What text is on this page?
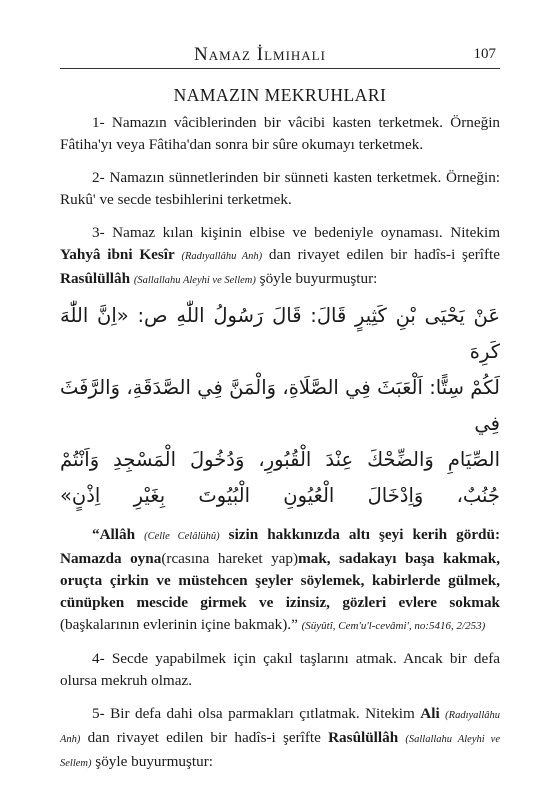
Namaz İlmihali	107
NAMAZIN MEKRUHLARI

1- Namazın vâciblerinden bir vâcibi kasten terketmek. Örneğin Fâtiha'yı veya Fâtiha'dan sonra bir sûre okumayı terketmek.

2- Namazın sünnetlerinden bir sünneti kasten terketmek. Örneğin: Rukû' ve secde tesbihlerini terketmek.

3- Namaz kılan kişinin elbise ve bedeniyle oynaması. Nitekim Yahyâ ibni Kesîr (Radıyallâhu Anh) dan rivayet edilen bir hadîs-i şerîfte Rasûlüllâh (Sallallahu Aleyhi ve Sellem) şöyle buyurmuştur:

عَنْ يَحْيَى بْنِ كَثِيرٍ قَالَ: قَالَ رَسُولُ اللّٰهِ ص: «اِنَّ اللّٰهَ كَرِهَ
لَكُمْ سِتًّا: اَلْعَبَثَ فِي الصَّلَاةِ، وَالْمَنَّ فِي الصَّدَقَةِ، وَالرَّفَثَ فِي
الصِّيَامِ وَالضِّحْكَ عِنْدَ الْقُبُورِ، وَدُخُولَ الْمَسْجِدِ وَاَنْتُمْ
جُنُبٌ، وَاِدْخَالَ الْعُيُونِ الْبُيُوتَ بِغَيْرِ اِذْنٍ»
“Allâh (Celle Celâlühû) sizin hakkınızda altı şeyi kerih gördü: Namazda oyna(rcasına hareket yap)mak, sadakayı başa kakmak, oruçta çirkin ve müstehcen şeyler söylemek, kabirlerde gülmek, cünüpken mescide girmek ve izinsiz, gözleri evlere sokmak (başkalarının evlerinin içine bakmak).” (Süyûtî, Cem'u'l-cevâmi', no:5416, 2/253)

4- Secde yapabilmek için çakıl taşlarını atmak. Ancak bir defa olursa mekruh olmaz.

5- Bir defa dahi olsa parmakları çıtlatmak. Nitekim Ali (Radıyallâhu Anh) dan rivayet edilen bir hadîs-i şerîfte Rasûlüllâh (Sallallahu Aleyhi ve Sellem) şöyle buyurmuştur:
